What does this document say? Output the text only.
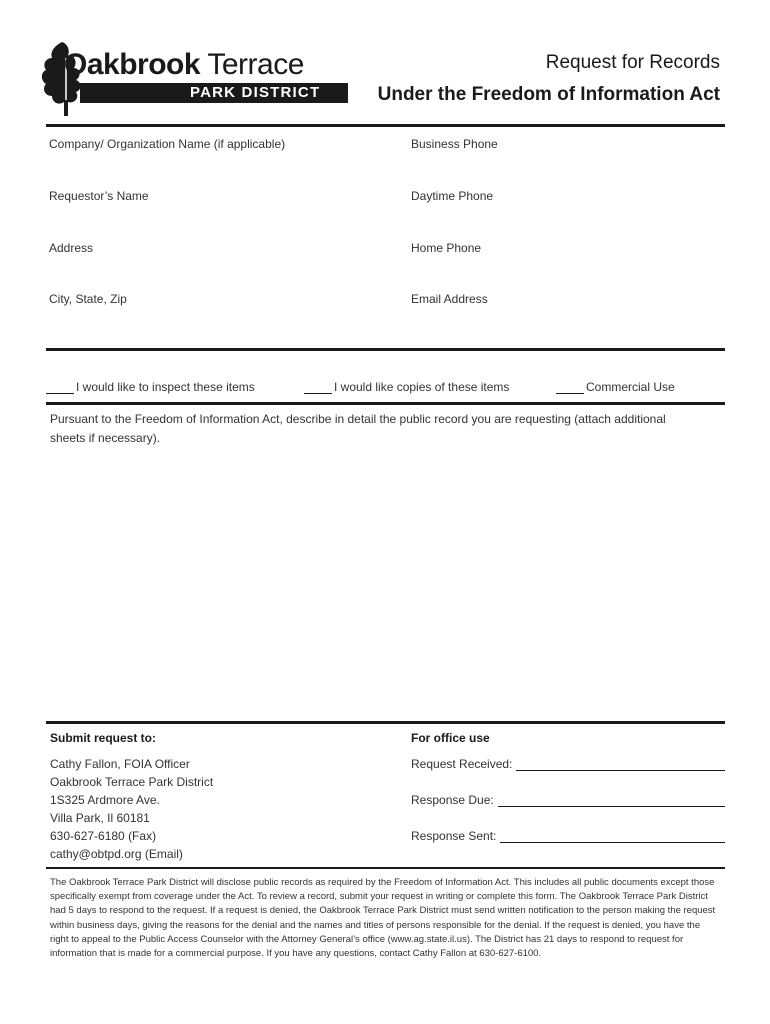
Oakbrook Terrace
PARK DISTRICT
Request for Records
Under the Freedom of Information Act
Company/ Organization Name (if applicable)	Business Phone
Requestor’s Name	Daytime Phone
Address	Home Phone
City, State, Zip	Email Address
I would like to inspect these items	I would like copies of these items	Commercial Use
Pursuant to the Freedom of Information Act, describe in detail the public record you are requesting (attach additional sheets if necessary).
Submit request to:
Cathy Fallon, FOIA Officer
Oakbrook Terrace Park District
1S325 Ardmore Ave.
Villa Park, Il 60181
630-627-6180 (Fax)
cathy@obtpd.org (Email)
For office use
Request Received:
Response Due:
Response Sent:
The Oakbrook Terrace Park District will disclose public records as required by the Freedom of Information Act. This includes all public documents except those specifically exempt from coverage under the Act. To review a record, submit your request in writing or complete this form. The Oakbrook Terrace Park District had 5 days to respond to the request. If a request is denied, the Oakbrook Terrace Park District must send written notification to the person making the request within business days, giving the reasons for the denial and the names and titles of persons responsible for the denial. If the request is denied, you have the right to appeal to the Public Access Counselor with the Attorney General’s office (www.ag.state.il.us). The District has 21 days to respond to request for information that is made for a commercial purpose. If you have any questions, contact Cathy Fallon at 630-627-6100.
